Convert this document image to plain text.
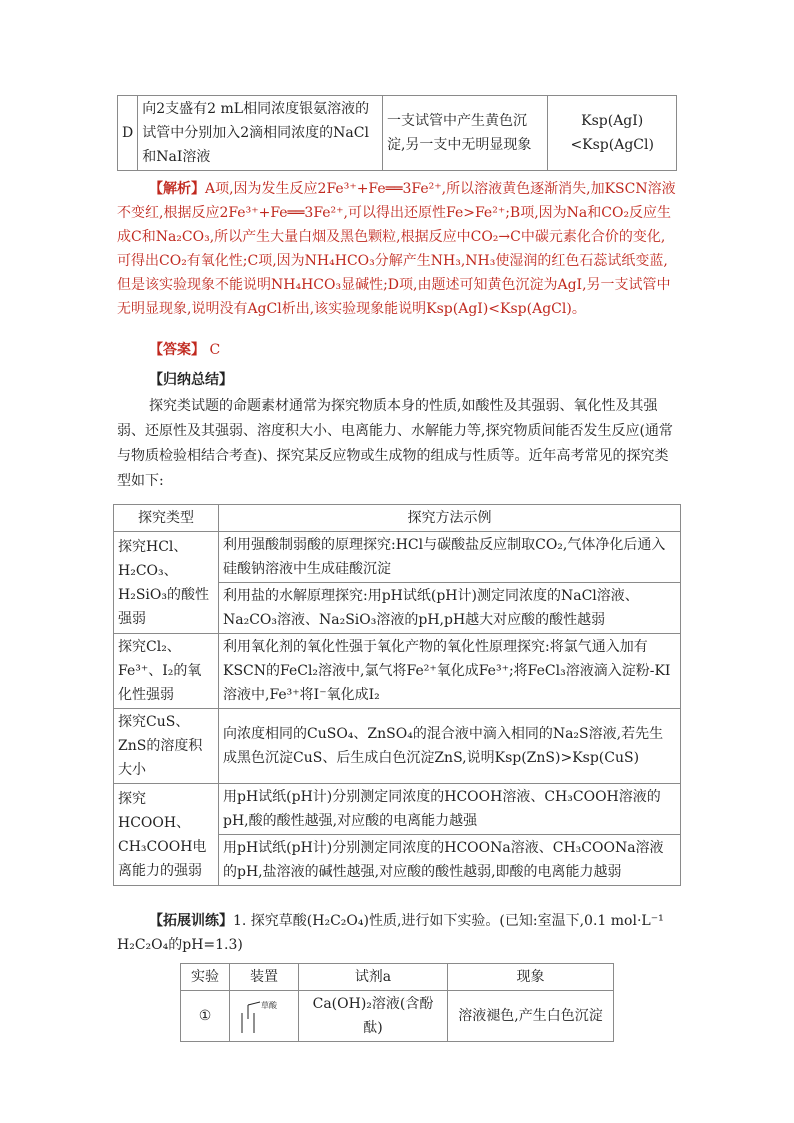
D	向2支盛有2 mL相同浓度银氨溶液的试管中分别加入2滴相同浓度的NaCl和NaI溶液	一支试管中产生黄色沉淀,另一支中无明显现象	Ksp(AgI)<Ksp(AgCl)
【解析】A项,因为发生反应2Fe³⁺+Fe══3Fe²⁺,所以溶液黄色逐渐消失,加KSCN溶液不变红,根据反应2Fe³⁺+Fe══3Fe²⁺,可以得出还原性Fe>Fe²⁺;B项,因为Na和CO₂反应生成C和Na₂CO₃,所以产生大量白烟及黑色颗粒,根据反应中CO₂→C中碳元素化合价的变化,可得出CO₂有氧化性;C项,因为NH₄HCO₃分解产生NH₃,NH₃使湿润的红色石蕊试纸变蓝,但是该实验现象不能说明NH₄HCO₃显碱性;D项,由题述可知黄色沉淀为AgI,另一支试管中无明显现象,说明没有AgCl析出,该实验现象能说明Ksp(AgI)<Ksp(AgCl)。
【答案】 C
【归纳总结】
探究类试题的命题素材通常为探究物质本身的性质,如酸性及其强弱、氧化性及其强弱、还原性及其强弱、溶度积大小、电离能力、水解能力等,探究物质间能否发生反应(通常与物质检验相结合考查)、探究某反应物或生成物的组成与性质等。近年高考常见的探究类型如下:
探究类型	探究方法示例
探究HCl、H₂CO₃、H₂SiO₃的酸性强弱	利用强酸制弱酸的原理探究:HCl与碳酸盐反应制取CO₂,气体净化后通入硅酸钠溶液中生成硅酸沉淀
	利用盐的水解原理探究:用pH试纸(pH计)测定同浓度的NaCl溶液、Na₂CO₃溶液、Na₂SiO₃溶液的pH,pH越大对应酸的酸性越弱
探究Cl₂、Fe³⁺、I₂的氧化性强弱	利用氧化剂的氧化性强于氧化产物的氧化性原理探究:将氯气通入加有KSCN的FeCl₂溶液中,氯气将Fe²⁺氧化成Fe³⁺;将FeCl₃溶液滴入淀粉-KI溶液中,Fe³⁺将I⁻氧化成I₂
探究CuS、ZnS的溶度积大小	向浓度相同的CuSO₄、ZnSO₄的混合液中滴入相同的Na₂S溶液,若先生成黑色沉淀CuS、后生成白色沉淀ZnS,说明Ksp(ZnS)>Ksp(CuS)
探究HCOOH、CH₃COOH电离能力的强弱	用pH试纸(pH计)分别测定同浓度的HCOOH溶液、CH₃COOH溶液的pH,酸的酸性越强,对应酸的电离能力越强
	用pH试纸(pH计)分别测定同浓度的HCOONa溶液、CH₃COONa溶液的pH,盐溶液的碱性越强,对应酸的酸性越弱,即酸的电离能力越弱
【拓展训练】1. 探究草酸(H₂C₂O₄)性质,进行如下实验。(已知:室温下,0.1 mol·L⁻¹ H₂C₂O₄的pH=1.3)
实验	装置	试剂a	现象
①	草酸	Ca(OH)₂溶液(含酚酞)	溶液褪色,产生白色沉淀
